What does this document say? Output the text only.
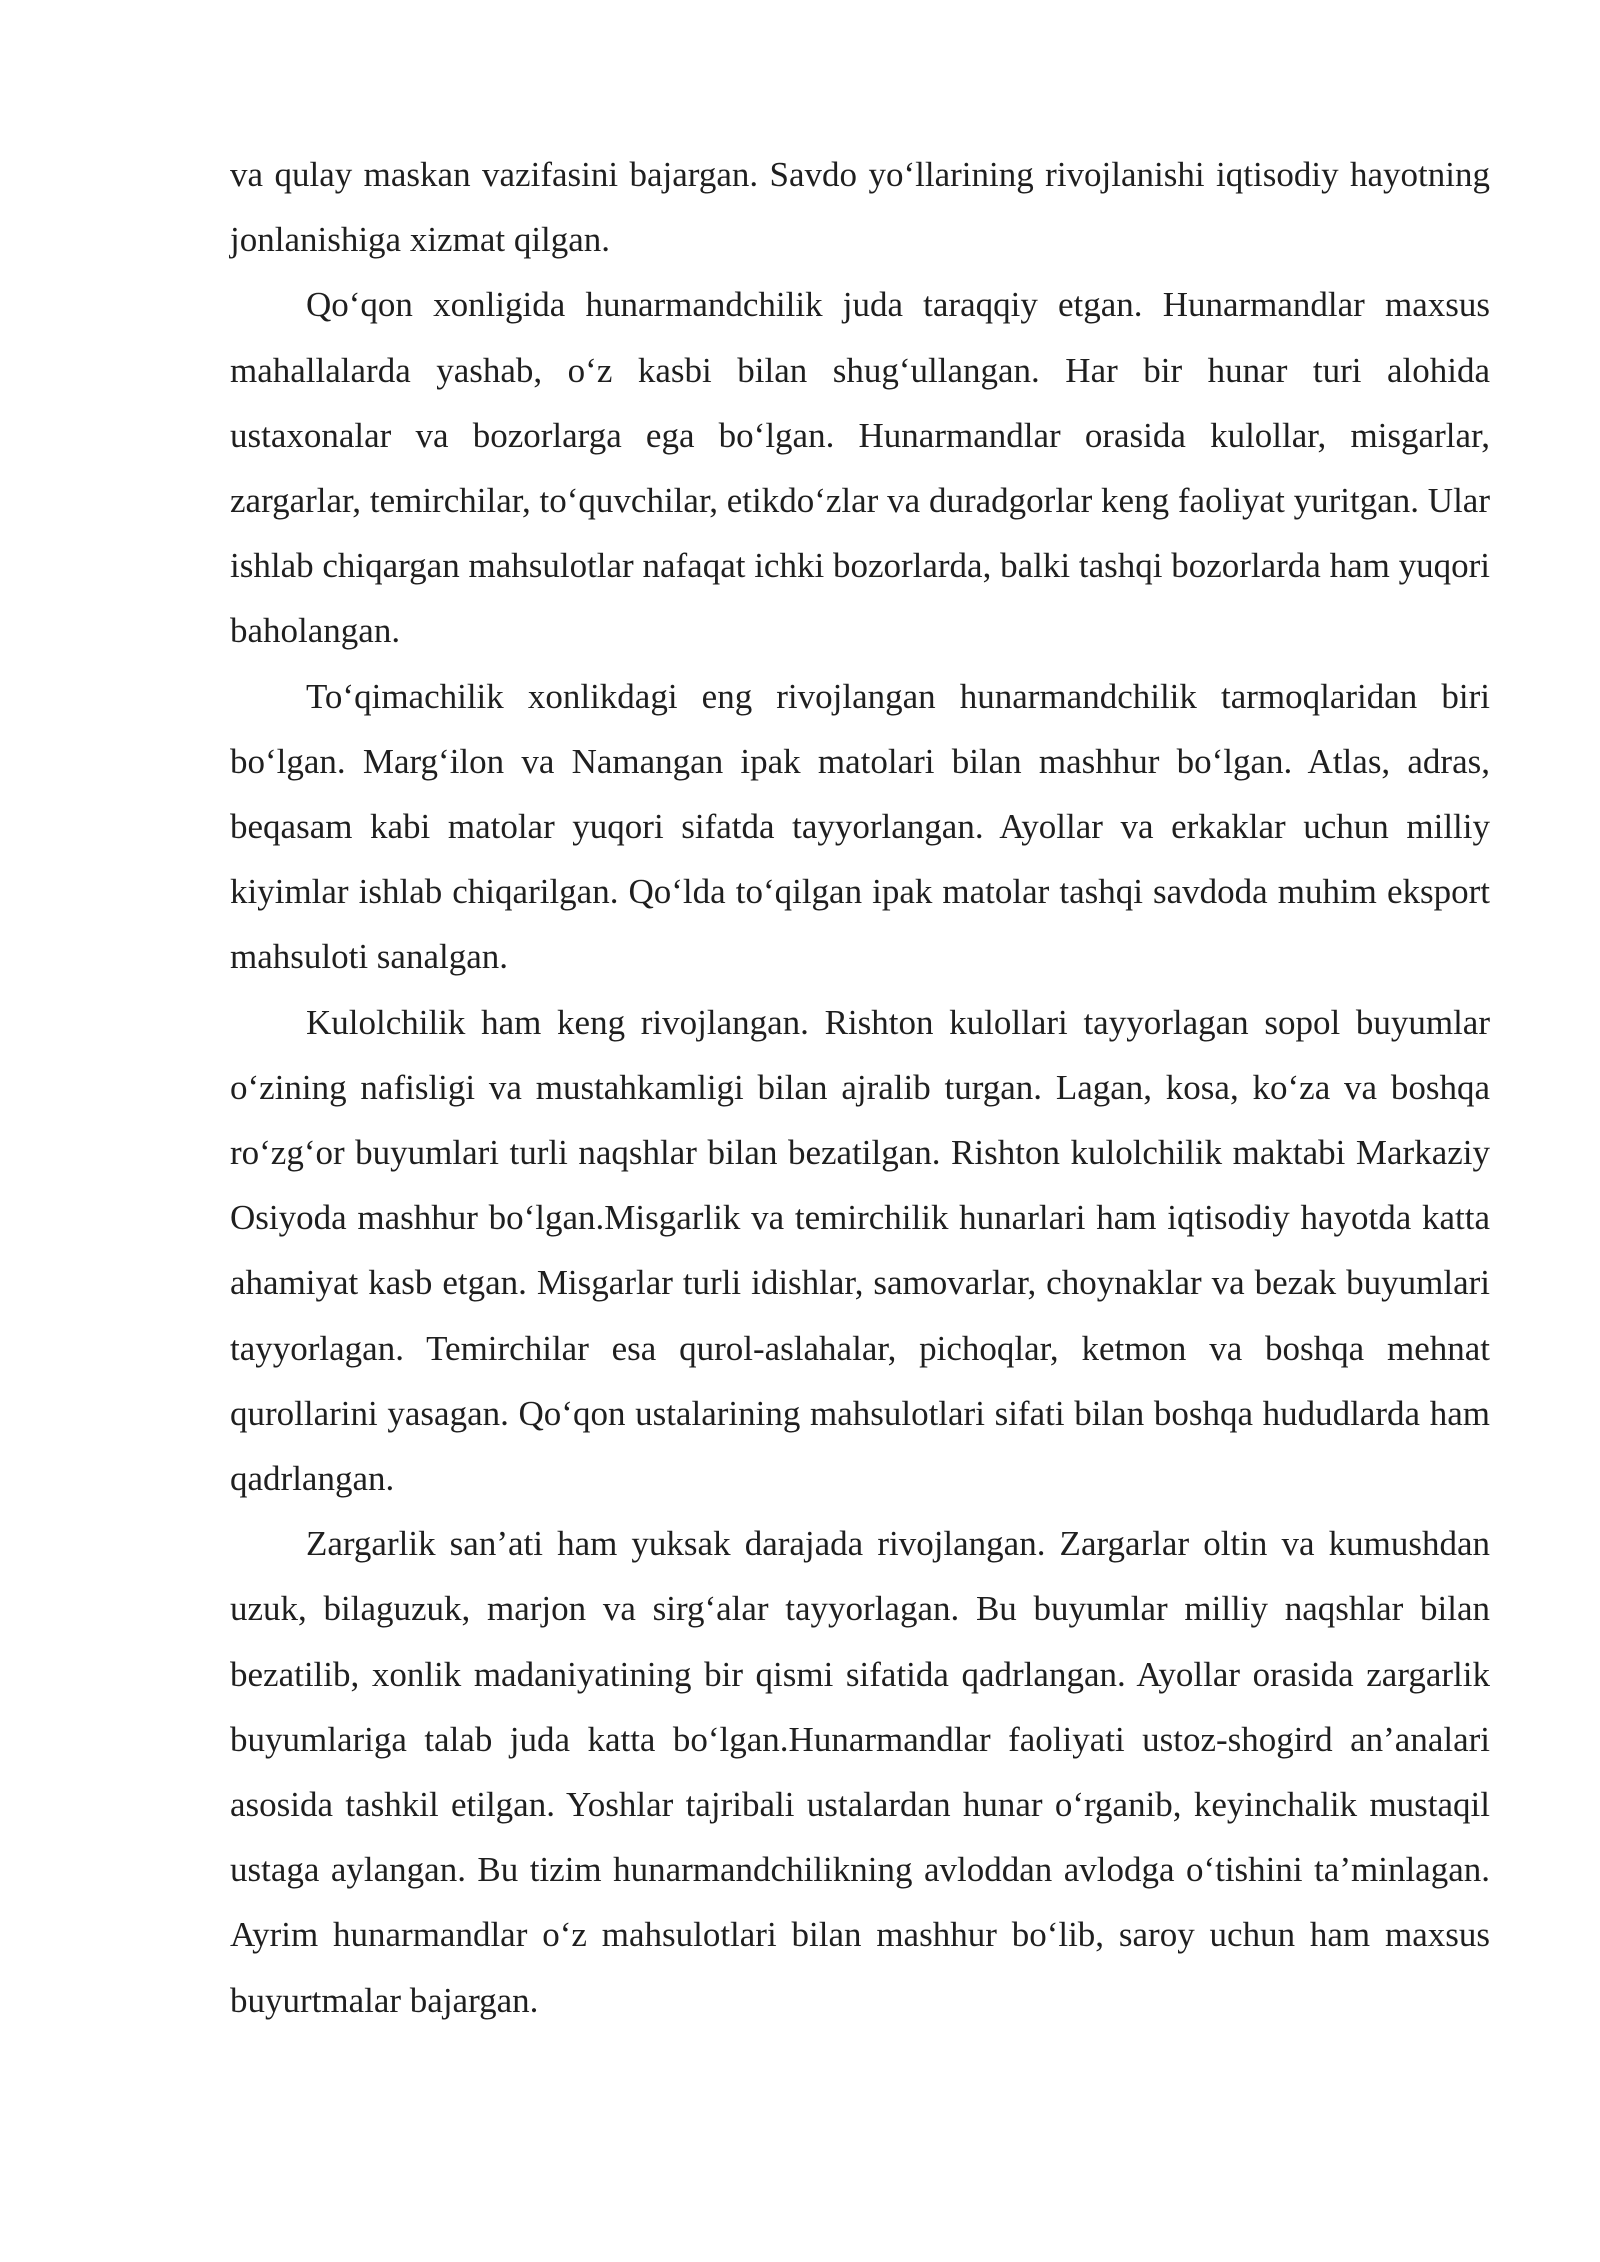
va qulay maskan vazifasini bajargan. Savdo yo‘llarining rivojlanishi iqtisodiy hayotning jonlanishiga xizmat qilgan.

Qo‘qon xonligida hunarmandchilik juda taraqqiy etgan. Hunarmandlar maxsus mahallalarda yashab, o‘z kasbi bilan shug‘ullangan. Har bir hunar turi alohida ustaxonalar va bozorlarga ega bo‘lgan. Hunarmandlar orasida kulollar, misgarlar, zargarlar, temirchilar, to‘quvchilar, etikdo‘zlar va duradgorlar keng faoliyat yuritgan. Ular ishlab chiqargan mahsulotlar nafaqat ichki bozorlarda, balki tashqi bozorlarda ham yuqori baholangan.

To‘qimachilik xonlikdagi eng rivojlangan hunarmandchilik tarmoqlaridan biri bo‘lgan. Marg‘ilon va Namangan ipak matolari bilan mashhur bo‘lgan. Atlas, adras, beqasam kabi matolar yuqori sifatda tayyorlangan. Ayollar va erkaklar uchun milliy kiyimlar ishlab chiqarilgan. Qo‘lda to‘qilgan ipak matolar tashqi savdoda muhim eksport mahsuloti sanalgan.

Kulolchilik ham keng rivojlangan. Rishton kulollari tayyorlagan sopol buyumlar o‘zining nafisligi va mustahkamligi bilan ajralib turgan. Lagan, kosa, ko‘za va boshqa ro‘zg‘or buyumlari turli naqshlar bilan bezatilgan. Rishton kulolchilik maktabi Markaziy Osiyoda mashhur bo‘lgan.Misgarlik va temirchilik hunarlari ham iqtisodiy hayotda katta ahamiyat kasb etgan. Misgarlar turli idishlar, samovarlar, choynaklar va bezak buyumlari tayyorlagan. Temirchilar esa qurol-aslahalar, pichoqlar, ketmon va boshqa mehnat qurollarini yasagan. Qo‘qon ustalarining mahsulotlari sifati bilan boshqa hududlarda ham qadrlangan.

Zargarlik san’ati ham yuksak darajada rivojlangan. Zargarlar oltin va kumushdan uzuk, bilaguzuk, marjon va sirg‘alar tayyorlagan. Bu buyumlar milliy naqshlar bilan bezatilib, xonlik madaniyatining bir qismi sifatida qadrlangan. Ayollar orasida zargarlik buyumlariga talab juda katta bo‘lgan.Hunarmandlar faoliyati ustoz-shogird an’analari asosida tashkil etilgan. Yoshlar tajribali ustalardan hunar o‘rganib, keyinchalik mustaqil ustaga aylangan. Bu tizim hunarmandchilikning avloddan avlodga o‘tishini ta’minlagan. Ayrim hunarmandlar o‘z mahsulotlari bilan mashhur bo‘lib, saroy uchun ham maxsus buyurtmalar bajargan.
